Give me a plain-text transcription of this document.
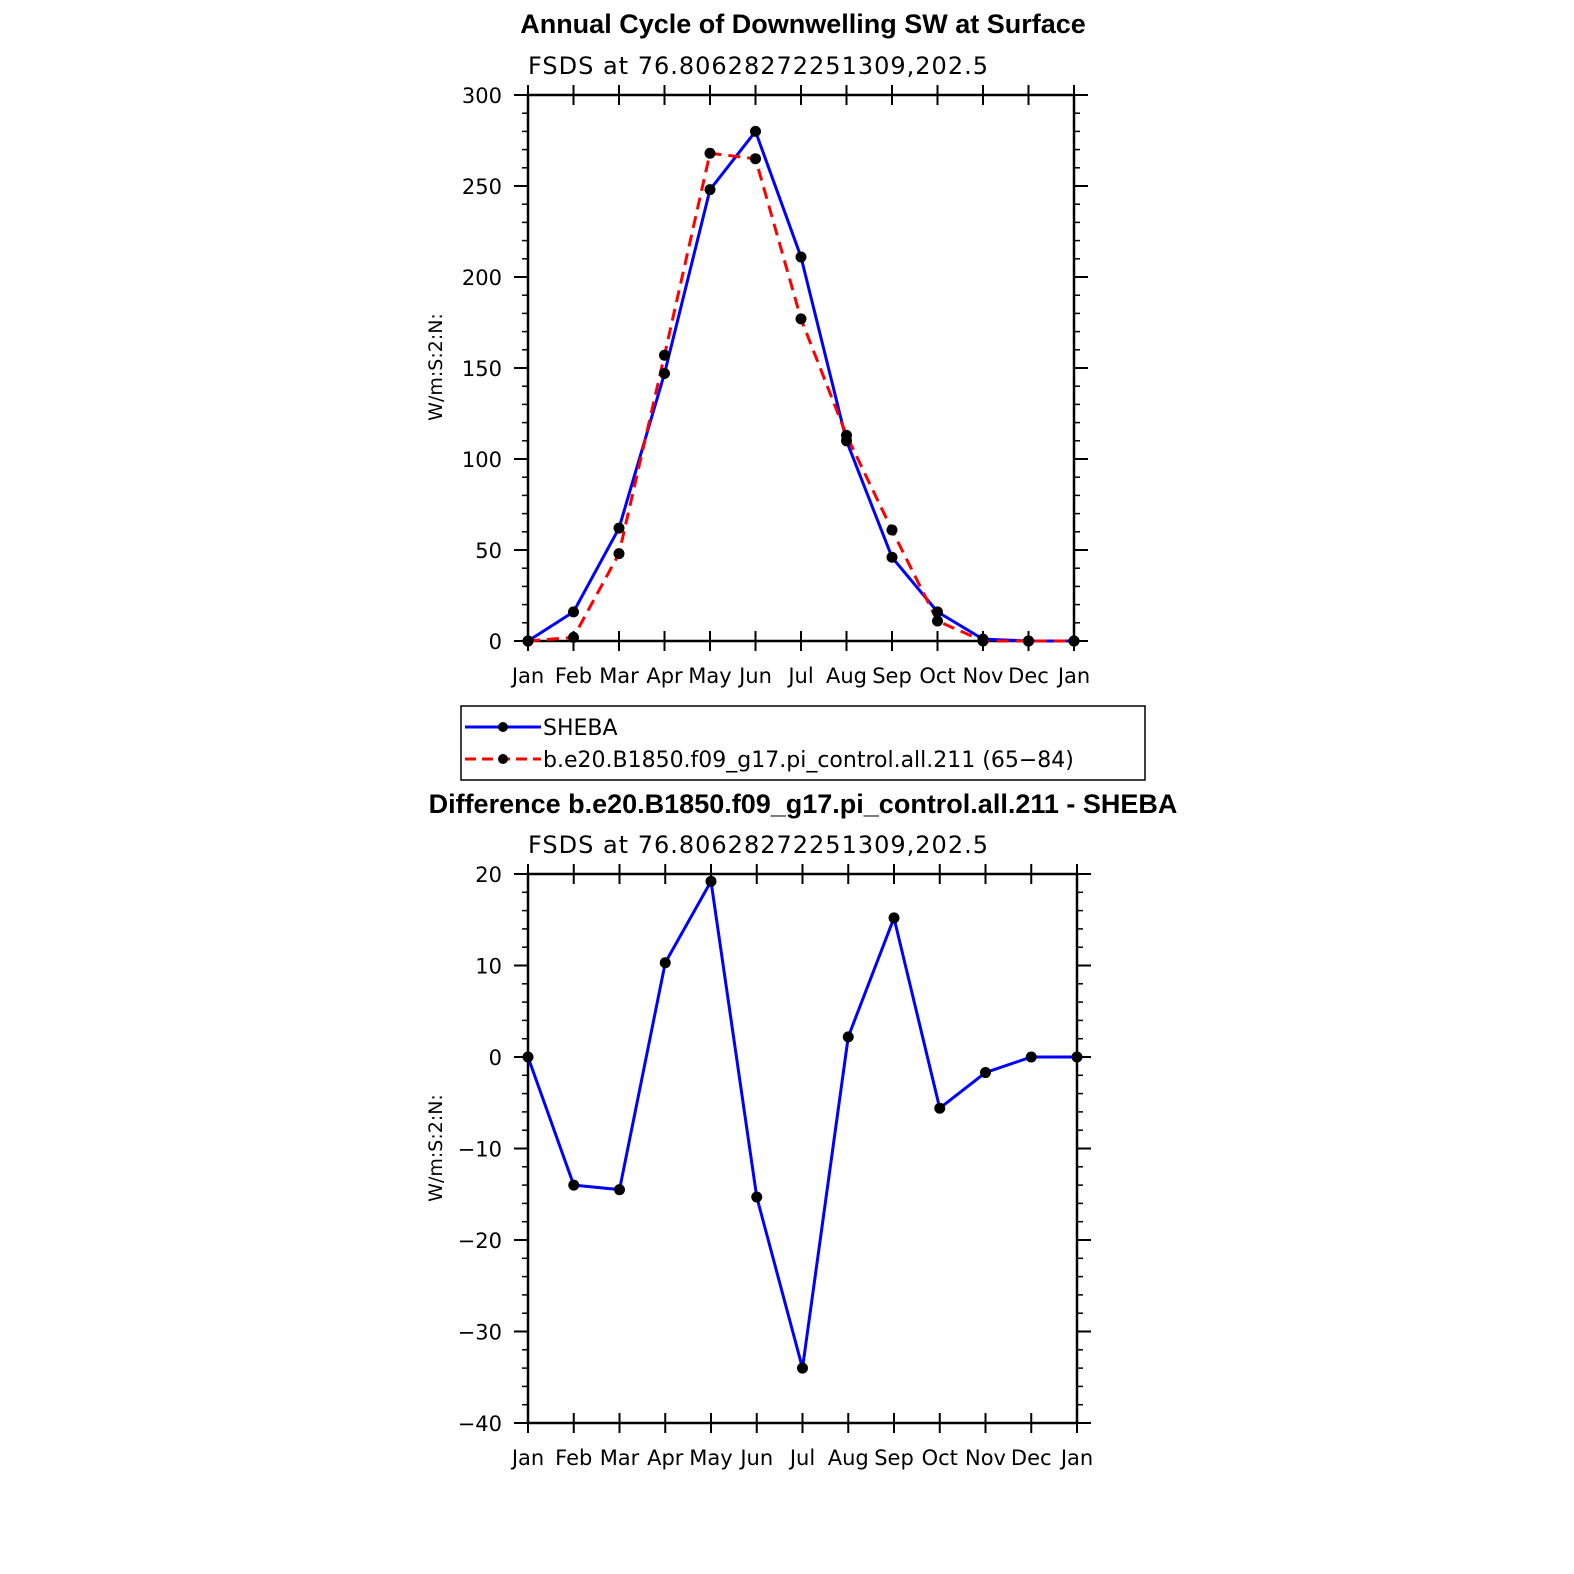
Annual Cycle of Downwelling SW at Surface
FSDS at 76.80628272251309,202.5
W/m:S:2:N:
Jan Feb Mar Apr May Jun Jul Aug Sep Oct Nov Dec Jan
0
50
100
150
200
250
300
SHEBA
b.e20.B1850.f09_g17.pi_control.all.211 (65−84)
Difference b.e20.B1850.f09_g17.pi_control.all.211 - SHEBA
FSDS at 76.80628272251309,202.5
W/m:S:2:N:
Jan Feb Mar Apr May Jun Jul Aug Sep Oct Nov Dec Jan
−40
−30
−20
−10
0
10
20
